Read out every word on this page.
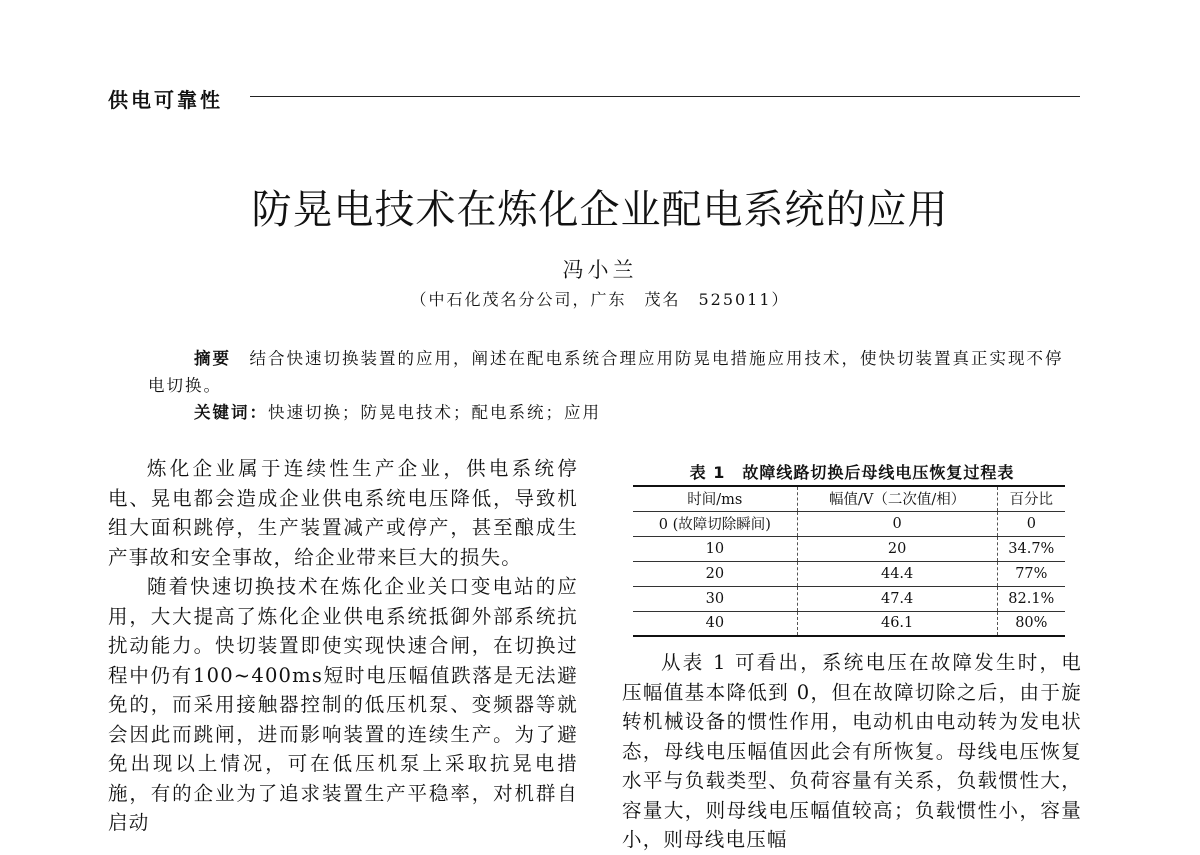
供电可靠性
防晃电技术在炼化企业配电系统的应用
冯小兰
（中石化茂名分公司，广东　茂名　525011）
摘要　 结合快速切换装置的应用，阐述在配电系统合理应用防晃电措施应用技术，使快切装置真正实现不停电切换。
关键词：快速切换；防晃电技术；配电系统；应用

炼化企业属于连续性生产企业，供电系统停电、晃电都会造成企业供电系统电压降低，导致机组大面积跳停，生产装置减产或停产，甚至酿成生产事故和安全事故，给企业带来巨大的损失。

随着快速切换技术在炼化企业关口变电站的应用，大大提高了炼化企业供电系统抵御外部系统抗扰动能力。快切装置即使实现快速合闸，在切换过程中仍有100~400ms短时电压幅值跌落是无法避免的，而采用接触器控制的低压机泵、变频器等就会因此而跳闸，进而影响装置的连续生产。为了避免出现以上情况，可在低压机泵上采取抗晃电措施，有的企业为了追求装置生产平稳率，对机群自启动

表 1　故障线路切换后母线电压恢复过程表
时间/ms	幅值/V（二次值/相）	百分比
0 (故障切除瞬间)	0	0
10	20	34.7%
20	44.4	77%
30	47.4	82.1%
40	46.1	80%

从表 1 可看出，系统电压在故障发生时，电压幅值基本降低到 0，但在故障切除之后，由于旋转机械设备的惯性作用，电动机由电动转为发电状态，母线电压幅值因此会有所恢复。母线电压恢复水平与负载类型、负荷容量有关系，负载惯性大，容量大，则母线电压幅值较高；负载惯性小，容量小，则母线电压幅
